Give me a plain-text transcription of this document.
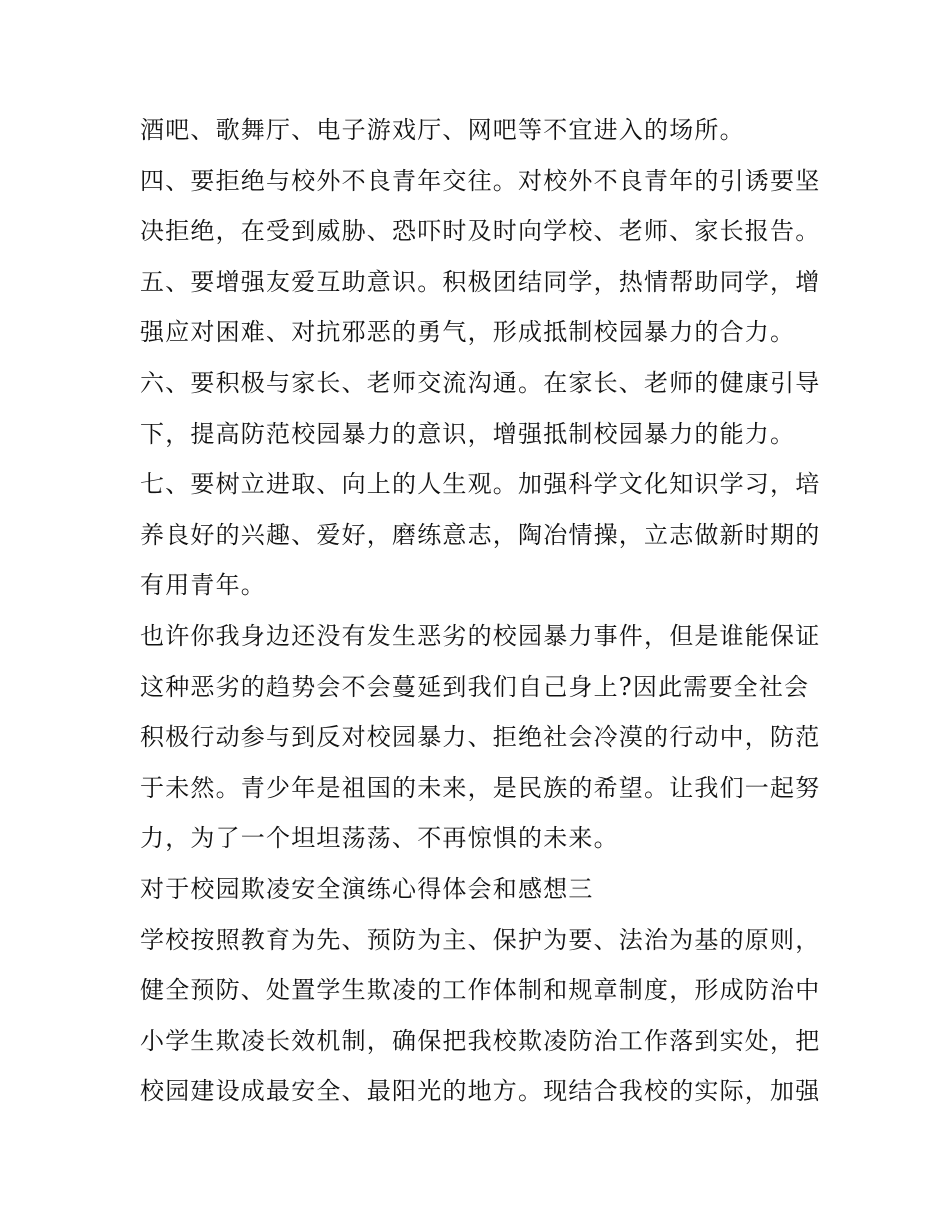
酒吧、歌舞厅、电子游戏厅、网吧等不宜进入的场所。
四、要拒绝与校外不良青年交往。对校外不良青年的引诱要坚
决拒绝，在受到威胁、恐吓时及时向学校、老师、家长报告。
五、要增强友爱互助意识。积极团结同学，热情帮助同学，增
强应对困难、对抗邪恶的勇气，形成抵制校园暴力的合力。
六、要积极与家长、老师交流沟通。在家长、老师的健康引导
下，提高防范校园暴力的意识，增强抵制校园暴力的能力。
七、要树立进取、向上的人生观。加强科学文化知识学习，培
养良好的兴趣、爱好，磨练意志，陶冶情操，立志做新时期的
有用青年。
也许你我身边还没有发生恶劣的校园暴力事件，但是谁能保证
这种恶劣的趋势会不会蔓延到我们自己身上?因此需要全社会
积极行动参与到反对校园暴力、拒绝社会冷漠的行动中，防范
于未然。青少年是祖国的未来，是民族的希望。让我们一起努
力，为了一个坦坦荡荡、不再惊惧的未来。
对于校园欺凌安全演练心得体会和感想三
学校按照教育为先、预防为主、保护为要、法治为基的原则，
健全预防、处置学生欺凌的工作体制和规章制度，形成防治中
小学生欺凌长效机制，确保把我校欺凌防治工作落到实处，把
校园建设成最安全、最阳光的地方。现结合我校的实际，加强
